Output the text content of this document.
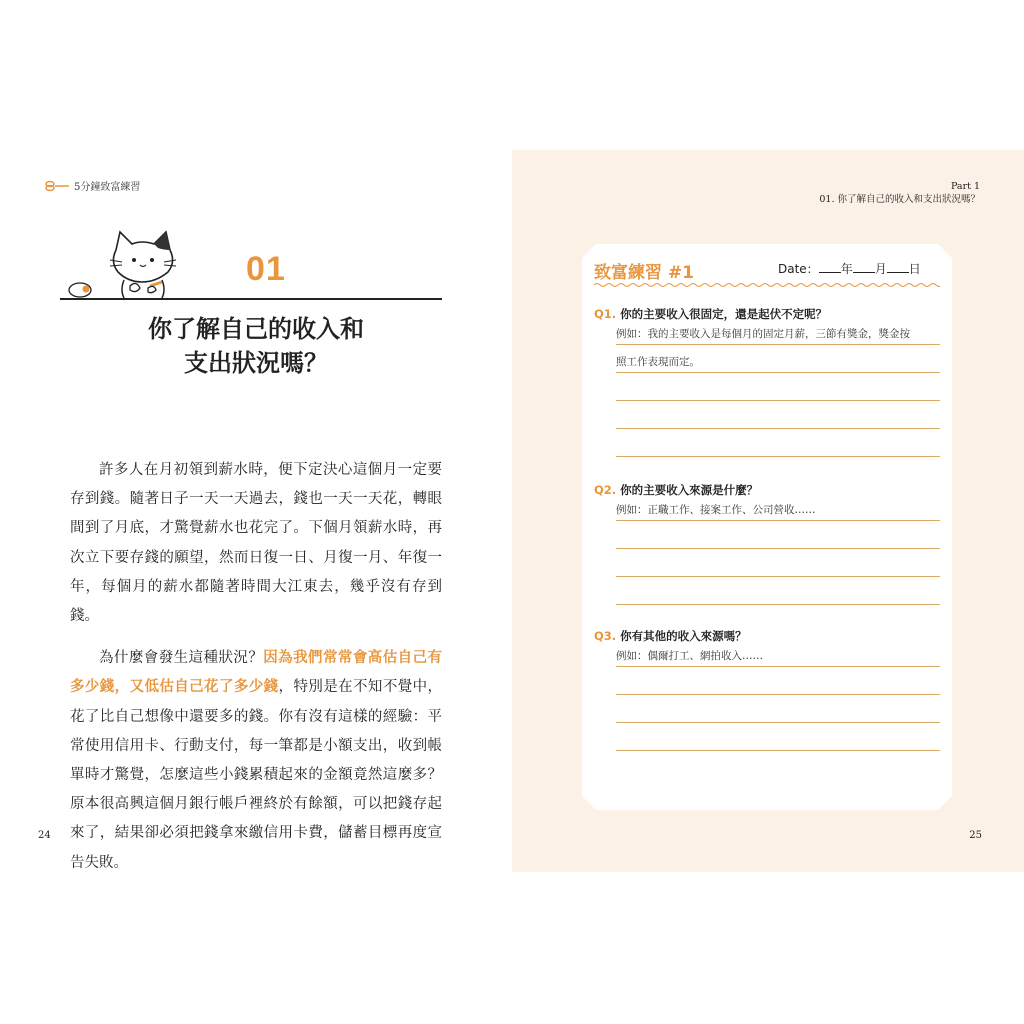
5分鐘致富練習
01
你了解自己的收入和
支出狀況嗎？

許多人在月初領到薪水時，便下定決心這個月一定要存到錢。隨著日子一天一天過去，錢也一天一天花，轉眼間到了月底，才驚覺薪水也花完了。下個月領薪水時，再次立下要存錢的願望，然而日復一日、月復一月、年復一年，每個月的薪水都隨著時間大江東去，幾乎沒有存到錢。

為什麼會發生這種狀況？因為我們常常會高估自己有多少錢，又低估自己花了多少錢，特別是在不知不覺中，花了比自己想像中還要多的錢。你有沒有這樣的經驗：平常使用信用卡、行動支付，每一筆都是小額支出，收到帳單時才驚覺，怎麼這些小錢累積起來的金額竟然這麼多？原本很高興這個月銀行帳戶裡終於有餘額，可以把錢存起來了，結果卻必須把錢拿來繳信用卡費，儲蓄目標再度宣告失敗。

24
Part 1
01. 你了解自己的收入和支出狀況嗎？
致富練習 #1	Date： 年 月 日
Q1. 你的主要收入很固定，還是起伏不定呢？
例如：我的主要收入是每個月的固定月薪，三節有獎金，獎金按
照工作表現而定。
Q2. 你的主要收入來源是什麼？
例如：正職工作、接案工作、公司營收……
Q3. 你有其他的收入來源嗎？
例如：偶爾打工、網拍收入……
25
